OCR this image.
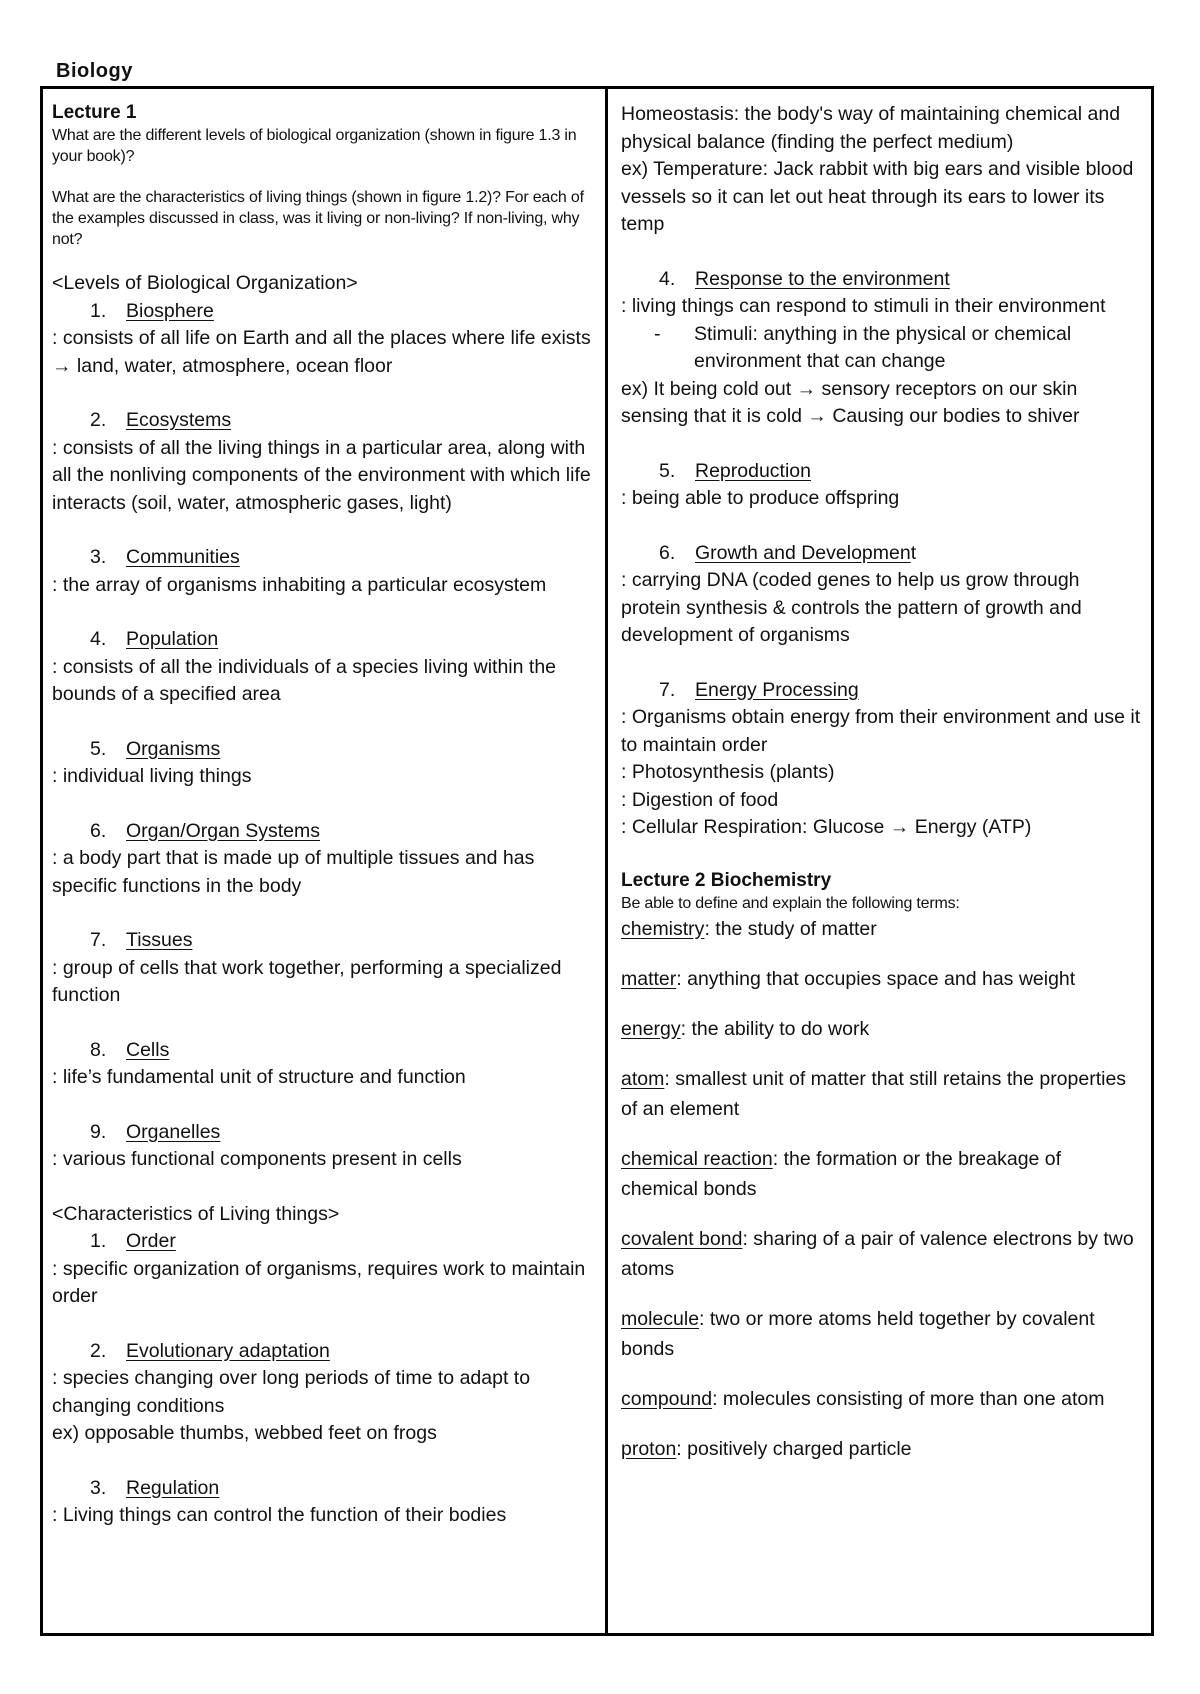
Biology
Lecture 1
What are the different levels of biological organization (shown in figure 1.3 in your book)?
What are the characteristics of living things (shown in figure 1.2)? For each of the examples discussed in class, was it living or non-living? If non-living, why not?
<Levels of Biological Organization>
1. Biosphere
: consists of all life on Earth and all the places where life exists → land, water, atmosphere, ocean floor
2. Ecosystems
: consists of all the living things in a particular area, along with all the nonliving components of the environment with which life interacts (soil, water, atmospheric gases, light)
3. Communities
: the array of organisms inhabiting a particular ecosystem
4. Population
: consists of all the individuals of a species living within the bounds of a specified area
5. Organisms
: individual living things
6. Organ/Organ Systems
: a body part that is made up of multiple tissues and has specific functions in the body
7. Tissues
: group of cells that work together, performing a specialized function
8. Cells
: life’s fundamental unit of structure and function
9. Organelles
: various functional components present in cells
<Characteristics of Living things>
1. Order
: specific organization of organisms, requires work to maintain order
2. Evolutionary adaptation
: species changing over long periods of time to adapt to changing conditions
ex) opposable thumbs, webbed feet on frogs
3. Regulation
: Living things can control the function of their bodies
Homeostasis: the body's way of maintaining chemical and physical balance (finding the perfect medium)
ex) Temperature: Jack rabbit with big ears and visible blood vessels so it can let out heat through its ears to lower its temp
4. Response to the environment
: living things can respond to stimuli in their environment
-	Stimuli: anything in the physical or chemical environment that can change
ex) It being cold out → sensory receptors on our skin sensing that it is cold → Causing our bodies to shiver
5. Reproduction
: being able to produce offspring
6. Growth and Development
: carrying DNA (coded genes to help us grow through protein synthesis & controls the pattern of growth and development of organisms
7. Energy Processing
: Organisms obtain energy from their environment and use it to maintain order
: Photosynthesis (plants)
: Digestion of food
: Cellular Respiration: Glucose → Energy (ATP)
Lecture 2 Biochemistry
Be able to define and explain the following terms:
chemistry: the study of matter
matter: anything that occupies space and has weight
energy: the ability to do work
atom: smallest unit of matter that still retains the properties of an element
chemical reaction: the formation or the breakage of chemical bonds
covalent bond: sharing of a pair of valence electrons by two atoms
molecule: two or more atoms held together by covalent bonds
compound: molecules consisting of more than one atom
proton: positively charged particle
